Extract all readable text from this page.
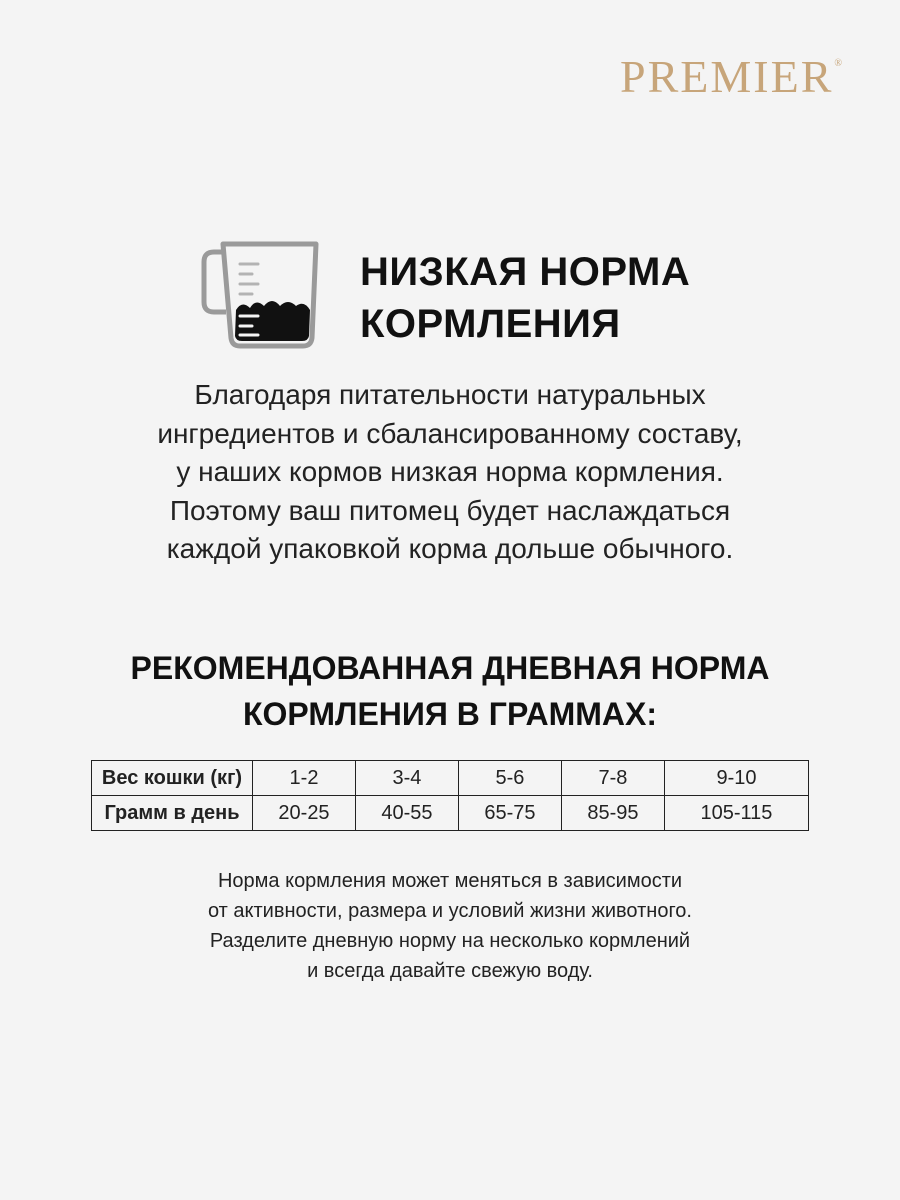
PREMIER®
НИЗКАЯ НОРМА
КОРМЛЕНИЯ
Благодаря питательности натуральных
ингредиентов и сбалансированному составу,
у наших кормов низкая норма кормления.
Поэтому ваш питомец будет наслаждаться
каждой упаковкой корма дольше обычного.
РЕКОМЕНДОВАННАЯ ДНЕВНАЯ НОРМА
КОРМЛЕНИЯ В ГРАММАХ:
Вес кошки (кг)	1-2	3-4	5-6	7-8	9-10
Грамм в день	20-25	40-55	65-75	85-95	105-115
Норма кормления может меняться в зависимости
от активности, размера и условий жизни животного.
Разделите дневную норму на несколько кормлений
и всегда давайте свежую воду.
